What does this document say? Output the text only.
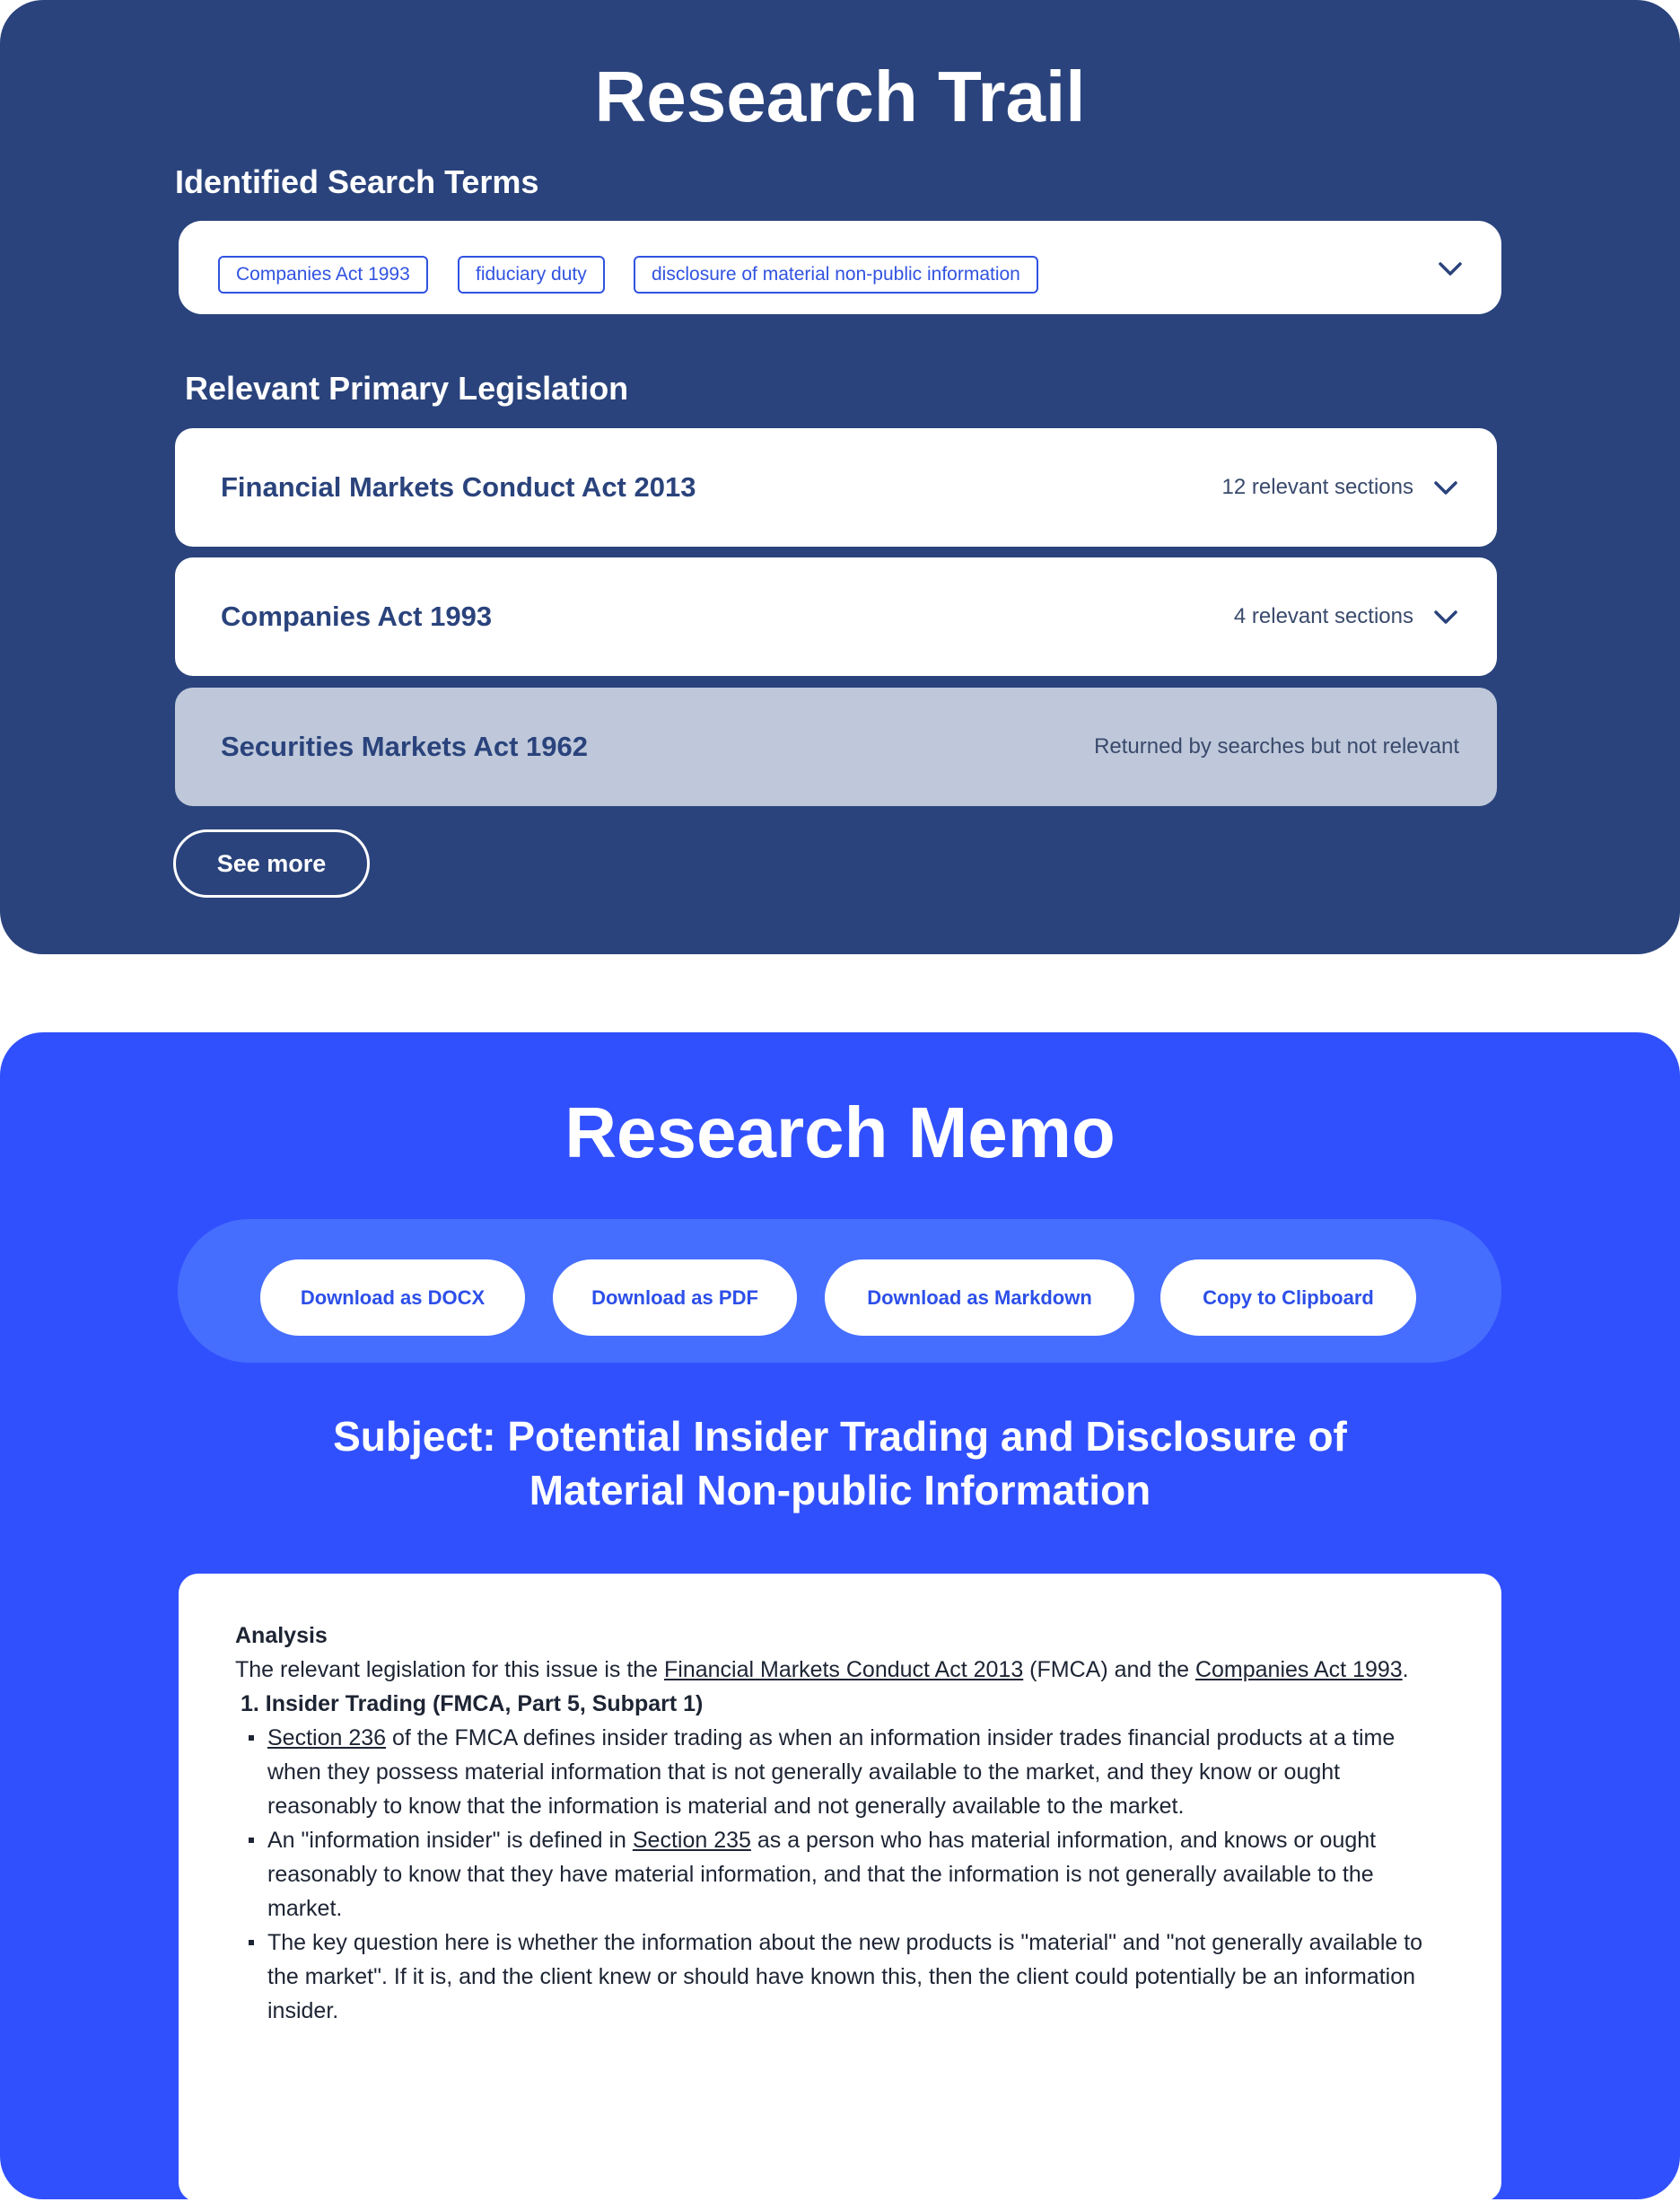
Research Trail
Identified Search Terms
Companies Act 1993	fiduciary duty	disclosure of material non-public information
Relevant Primary Legislation
Financial Markets Conduct Act 2013	12 relevant sections
Companies Act 1993	4 relevant sections
Securities Markets Act 1962	Returned by searches but not relevant
See more
Research Memo
Download as DOCX	Download as PDF	Download as Markdown	Copy to Clipboard
Subject: Potential Insider Trading and Disclosure of
Material Non-public Information

Analysis

The relevant legislation for this issue is the Financial Markets Conduct Act 2013 (FMCA) and the Companies Act 1993.

1. Insider Trading (FMCA, Part 5, Subpart 1)

Section 236 of the FMCA defines insider trading as when an information insider trades financial products at a time when they possess material information that is not generally available to the market, and they know or ought reasonably to know that the information is material and not generally available to the market.
An "information insider" is defined in Section 235 as a person who has material information, and knows or ought reasonably to know that they have material information, and that the information is not generally available to the market.
The key question here is whether the information about the new products is "material" and "not generally available to the market". If it is, and the client knew or should have known this, then the client could potentially be an information insider.
